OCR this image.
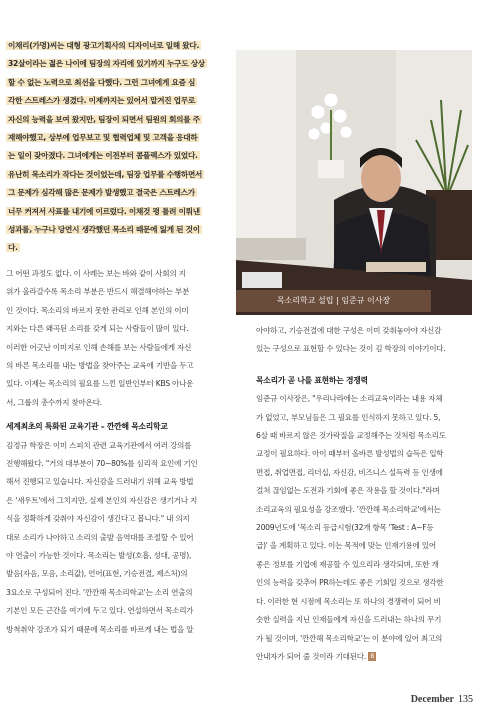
이채리(가명)씨는 대형 광고기획사의 디자이너로 일해 왔다.

32살이라는 젊은 나이에 팀장의 자리에 있기까지 누구도 상상

할 수 없는 노력으로 최선을 다했다. 그런 그녀에게 요즘 심

각한 스트레스가 생겼다. 이제까지는 있어서 맡겨진 업무로

자신의 능력을 보여 왔지만, 팀장이 되면서 팀원의 회의를 주

재해야했고, 상부에 업무보고 및 협력업체 및 고객을 응대하

는 일이 잦아졌다. 그녀에게는 이전부터 콤플렉스가 있었다.

유난히 목소리가 작다는 것이었는데, 팀장 업무를 수행하면서

그 문제가 심각해 많은 문제가 발생했고 결국은 스트레스가

너무 커져서 사표를 내기에 이르렀다. 이채것 평 틀려 이뤄낸

성과를, 누구나 당연시 생각했던 목소리 때문에 잃게 된 것이

다.

그 어떤 과정도 없다. 이 사례는 보는 바와 같이 사회의 지

위가 올라갈수록 목소리 부분은 반드시 해결해야하는 부분

인 것이다. 목소리의 바르지 못한 관리로 인해 본인의 이미

지와는 다른 왜곡된 소리를 갖게 되는 사람들이 많이 있다.

이러한 어긋난 이미지로 인해 손해를 보는 사람들에게 자신

의 바른 목소리를 내는 방법을 찾아주는 교육에 기반을 두고

있다. 이제는 목소리의 필요를 느낀 일반인부터 KBS 아나운

서, 그룹의 총수까지 찾아온다.

세계최초의 특화된 교육기관 – 깐깐해 목소리학교

김정규 학장은 이미 스피치 관련 교육기관에서 여러 강의를

진행해왔다. "거의 대부분이 70~80%를 심리적 요인에 기인

해서 진행되고 있습니다. 자신감을 드러내기 위해 교육 방법

은 '새우트'에서 그치지만, 실제 본인의 자신감은 생기거나 지

식을 정확하게 갖춰야 자신감이 생긴다고 봅니다." 내 의지

대로 소리가 나아하고 소리의 출발 음역대를 조절할 수 있어

야 연출이 가능한 것이다. 목소리는 발성(호흡, 성대, 공명),

발음(자음, 모음, 소리값), 언어(표현, 기승전결, 제스처)의

3요소로 구성되어 진다. '깐깐해 목소리학교'는 소리 연출의

기본인 모든 근간을 여기에 두고 있다. 연설하면서 목소리가

방척취약 강조가 되기 때문에 목소리를 바르게 내는 법을 알

목소리학교 설립 | 임준규 이사장

아야하고, 기승전결에 대한 구성은 이미 갖춰놓아야 자신감

있는 구성으로 표현할 수 있다는 것이 김 학장의 이야기이다.

목소리가 곧 나를 표현하는 경쟁력

임준규 이사장은, "우리나라에는 소리교육이라는 내용 자체

가 없었고, 부모님들은 그 필요를 인식하지 못하고 있다. 5,

6살 때 바르지 않은 것가락질을 교정해주는 것처럼 목소리도

교정이 필요하다. 아이 때부터 올바른 발성법의 습득은 입학

면접, 취업면접, 리더십, 자신감, 비즈니스 설득력 등 인생에

걸쳐 끊임없는 도전과 기회에 좋은 작용을 할 것이다."라며

소리교육의 필요성을 강조했다. '깐깐해 목소리학교'에서는

2009년도에 '목소리 등급시험(32개 항목 'Test : A~F등

급)' 을 계획하고 있다. 이는 목적에 맞는 인재기용에 있어

좋은 정보를 기업에 제공할 수 있으리라 생각되며, 또한 개

인의 능력을 갖추어 PR하는데도 좋은 기회일 것으로 생각한

다. 이러한 현 시점에 목소리는 또 하나의 경쟁력이 되어 비

슷한 실력을 지닌 인재들에게 자신을 드러내는 하나의 무기

가 될 것이며, '깐깐해 목소리학교'는 이 분야에 있어 최고의

안내자가 되어 줄 것이라 기대된다. B

December 135
